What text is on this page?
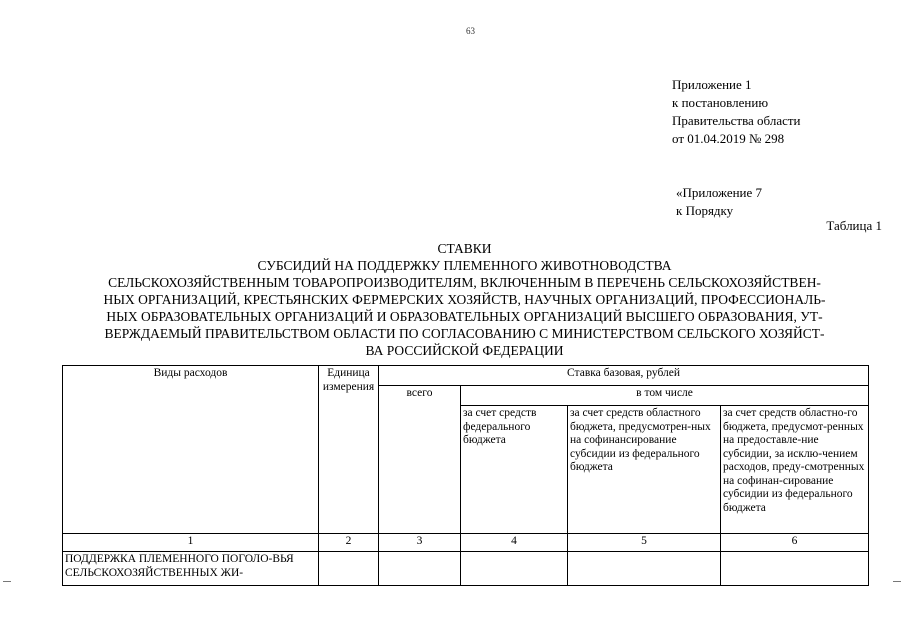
63
Приложение 1
к постановлению
Правительства области
от 01.04.2019 № 298
«Приложение 7
к Порядку
Таблица 1
СТАВКИ
СУБСИДИЙ НА ПОДДЕРЖКУ ПЛЕМЕННОГО ЖИВОТНОВОДСТВА
СЕЛЬСКОХОЗЯЙСТВЕННЫМ ТОВАРОПРОИЗВОДИТЕЛЯМ, ВКЛЮЧЕННЫМ В ПЕРЕЧЕНЬ СЕЛЬСКОХОЗЯЙСТВЕН-
НЫХ ОРГАНИЗАЦИЙ, КРЕСТЬЯНСКИХ ФЕРМЕРСКИХ ХОЗЯЙСТВ, НАУЧНЫХ ОРГАНИЗАЦИЙ, ПРОФЕССИОНАЛЬ-
НЫХ ОБРАЗОВАТЕЛЬНЫХ ОРГАНИЗАЦИЙ И ОБРАЗОВАТЕЛЬНЫХ ОРГАНИЗАЦИЙ ВЫСШЕГО ОБРАЗОВАНИЯ, УТ-
ВЕРЖДАЕМЫЙ ПРАВИТЕЛЬСТВОМ ОБЛАСТИ ПО СОГЛАСОВАНИЮ С МИНИСТЕРСТВОМ СЕЛЬСКОГО ХОЗЯЙСТ-
ВА РОССИЙСКОЙ ФЕДЕРАЦИИ
Виды расходов	Единица измерения	Ставка базовая, рублей			
		всего	в том числе		
			за счет средств федерального бюджета	за счет средств областного бюджета, предусмотрен-ных на софинансирование субсидии из федерального бюджета	за счет средств областно-го бюджета, предусмот-ренных на предоставле-ние субсидии, за исклю-чением расходов, преду-смотренных на софинан-сирование субсидии из федерального бюджета
1	2	3	4	5	6
ПОДДЕРЖКА ПЛЕМЕННОГО ПОГОЛО-ВЬЯ СЕЛЬСКОХОЗЯЙСТВЕННЫХ ЖИ-					
